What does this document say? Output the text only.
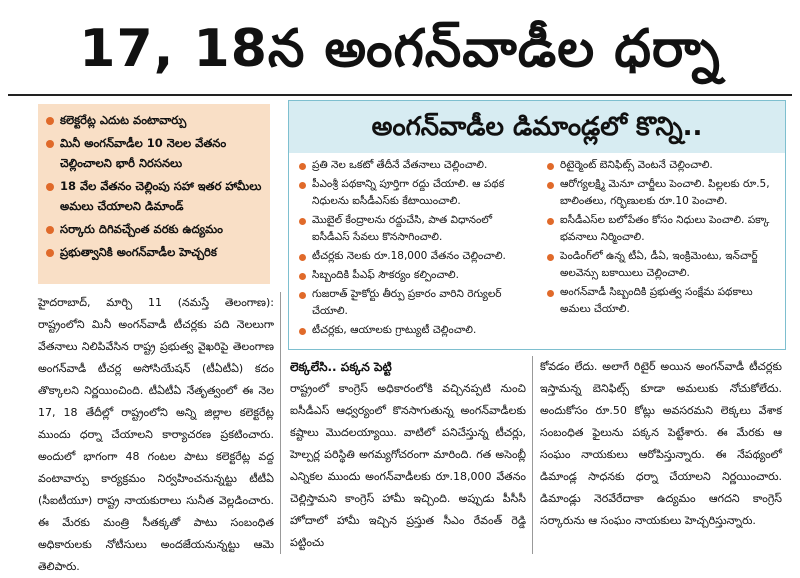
17, 18న అంగన్‌వాడీల ధర్నా
కలెక్టరేట్ల ఎదుట వంటావార్పు
మినీ అంగన్‌వాడీల 10 నెలల వేతనం చెల్లించాలని భారీ నిరసనలు
18 వేల వేతనం చెల్లింపు సహా ఇతర హామీలు అమలు చేయాలని డిమాండ్
సర్కారు దిగివచ్చేంత వరకు ఉద్యమం
ప్రభుత్వానికి అంగన్‌వాడీల హెచ్చరిక
అంగన్‌వాడీల డిమాండ్లలో కొన్ని..
ప్రతి నెల ఒకటో తేదీనే వేతనాలు చెల్లించాలి.
పీఎంశ్రీ పథకాన్ని పూర్తిగా రద్దు చేయాలి. ఆ పథక నిధులను ఐసీడీఎస్‌కు కేటాయించాలి.
మొబైల్ కేంద్రాలను రద్దుచేసి, పాత విధానంలో ఐసీడీఎస్ సేవలు కొనసాగించాలి.
టీచర్లకు నెలకు రూ.18,000 వేతనం చెల్లించాలి.
సిబ్బందికి పీఎఫ్ సౌకర్యం కల్పించాలి.
గుజరాత్ హైకోర్టు తీర్పు ప్రకారం వారిని రెగ్యులర్ చేయాలి.
టీచర్లకు, ఆయాలకు గ్రాట్యుటీ చెల్లించాలి.
రిటైర్మెంట్ బెనిఫిట్స్ వెంటనే చెల్లించాలి.
ఆరోగ్యలక్ష్మి మెనూ చార్జీలు పెంచాలి. పిల్లలకు రూ.5, బాలింతలు, గర్భిణులకు రూ.10 పెంచాలి.
ఐసీడీఎస్‌ల బలోపేతం కోసం నిధులు పెంచాలి. పక్కా భవనాలు నిర్మించాలి.
పెండింగ్‌లో ఉన్న టీఏ, డీఏ, ఇంక్రిమెంటు, ఇన్‌చార్జ్ అలవెన్సు బకాయిలు చెల్లించాలి.
అంగన్‌వాడీ సిబ్బందికి ప్రభుత్వ సంక్షేమ పథకాలు అమలు చేయాలి.
హైదరాబాద్, మార్చి 11 (నమస్తే తెలంగాణ): రాష్ట్రంలోని మినీ అంగన్‌వాడీ టీచర్లకు పది నెలలుగా వేతనాలు నిలిపివేసిన రాష్ట్ర ప్రభుత్వ వైఖరిపై తెలంగాణ అంగన్‌వాడీ టీచర్ల అసోసియేషన్ (టీఏటీఏ) కదం తొక్కాలని నిర్ణయించింది. టీఏటీఏ నేతృత్వంలో ఈ నెల 17, 18 తేదీల్లో రాష్ట్రంలోని అన్ని జిల్లాల కలెక్టరేట్ల ముందు ధర్నా చేయాలని కార్యాచరణ ప్రకటించారు. అందులో భాగంగా 48 గంటల పాటు కలెక్టరేట్ల వద్ద వంటావార్పు కార్యక్రమం నిర్వహించనున్నట్టు టీటీఏ (సీఐటీయూ) రాష్ట్ర నాయకురాలు సునీత వెల్లడించారు. ఈ మేరకు మంత్రి సీతక్కతో పాటు సంబంధిత అధికారులకు నోటీసులు అందజేయనున్నట్టు ఆమె తెలిపారు.
లెక్కలేసి.. పక్కన పెట్టి
రాష్ట్రంలో కాంగ్రెస్ అధికారంలోకి వచ్చినప్పటి నుంచి ఐసీడీఎస్ ఆధ్వర్యంలో కొనసాగుతున్న అంగన్‌వాడీలకు కష్టాలు మొదలయ్యాయి. వాటిలో పనిచేస్తున్న టీచర్లు, హెల్పర్ల పరిస్థితి అగమ్యగోచరంగా మారింది. గత అసెంబ్లీ ఎన్నికల ముందు అంగన్‌వాడీలకు రూ.18,000 వేతనం చెల్లిస్తామని కాంగ్రెస్ హామీ ఇచ్చింది. అప్పుడు పీసీసీ హోదాలో హామీ ఇచ్చిన ప్రస్తుత సీఎం రేవంత్ రెడ్డి పట్టించు
కోవడం లేదు. అలాగే రిటైర్ అయిన అంగన్‌వాడీ టీచర్లకు ఇస్తామన్న బెనిఫిట్స్ కూడా అమలుకు నోచుకోలేదు. అందుకోసం రూ.50 కోట్లు అవసరమని లెక్కలు వేశాక సంబంధిత ఫైలును పక్కన పెట్టేశారు. ఈ మేరకు ఆ సంఘం నాయకులు ఆరోపిస్తున్నారు. ఈ నేపథ్యంలో డిమాండ్ల సాధనకు ధర్నా చేయాలని నిర్ణయించారు. డిమాండ్లు నెరవేరేదాకా ఉద్యమం ఆగదని కాంగ్రెస్ సర్కారును ఆ సంఘం నాయకులు హెచ్చరిస్తున్నారు.
